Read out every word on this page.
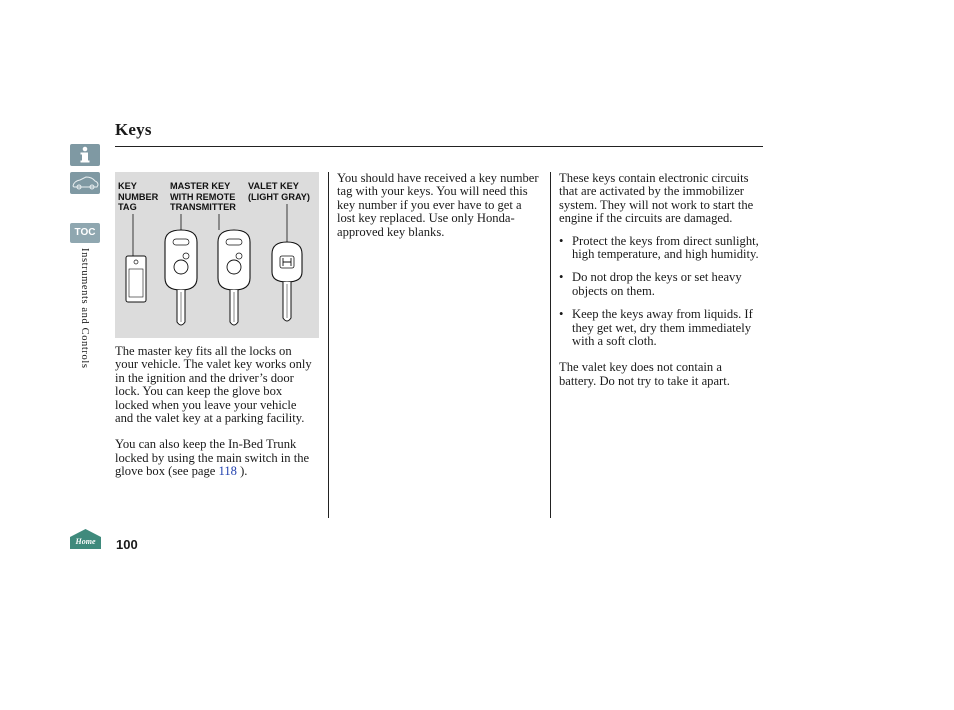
TOC
Instruments and Controls
Keys
KEY
NUMBER
TAG
MASTER KEY
WITH REMOTE
TRANSMITTER
VALET KEY
(LIGHT GRAY)

The master key fits all the locks on your vehicle. The valet key works only in the ignition and the driver’s door lock. You can keep the glove box locked when you leave your vehicle and the valet key at a parking facility.

You can also keep the In-Bed Trunk locked by using the main switch in the glove box (see page 118 ).

You should have received a key number tag with your keys. You will need this key number if you ever have to get a lost key replaced. Use only Honda-approved key blanks.

These keys contain electronic circuits that are activated by the immobilizer system. They will not work to start the engine if the circuits are damaged.

• Protect the keys from direct sunlight, high temperature, and high humidity.

• Do not drop the keys or set heavy objects on them.

• Keep the keys away from liquids. If they get wet, dry them immediately with a soft cloth.

The valet key does not contain a battery. Do not try to take it apart.

Home 100
